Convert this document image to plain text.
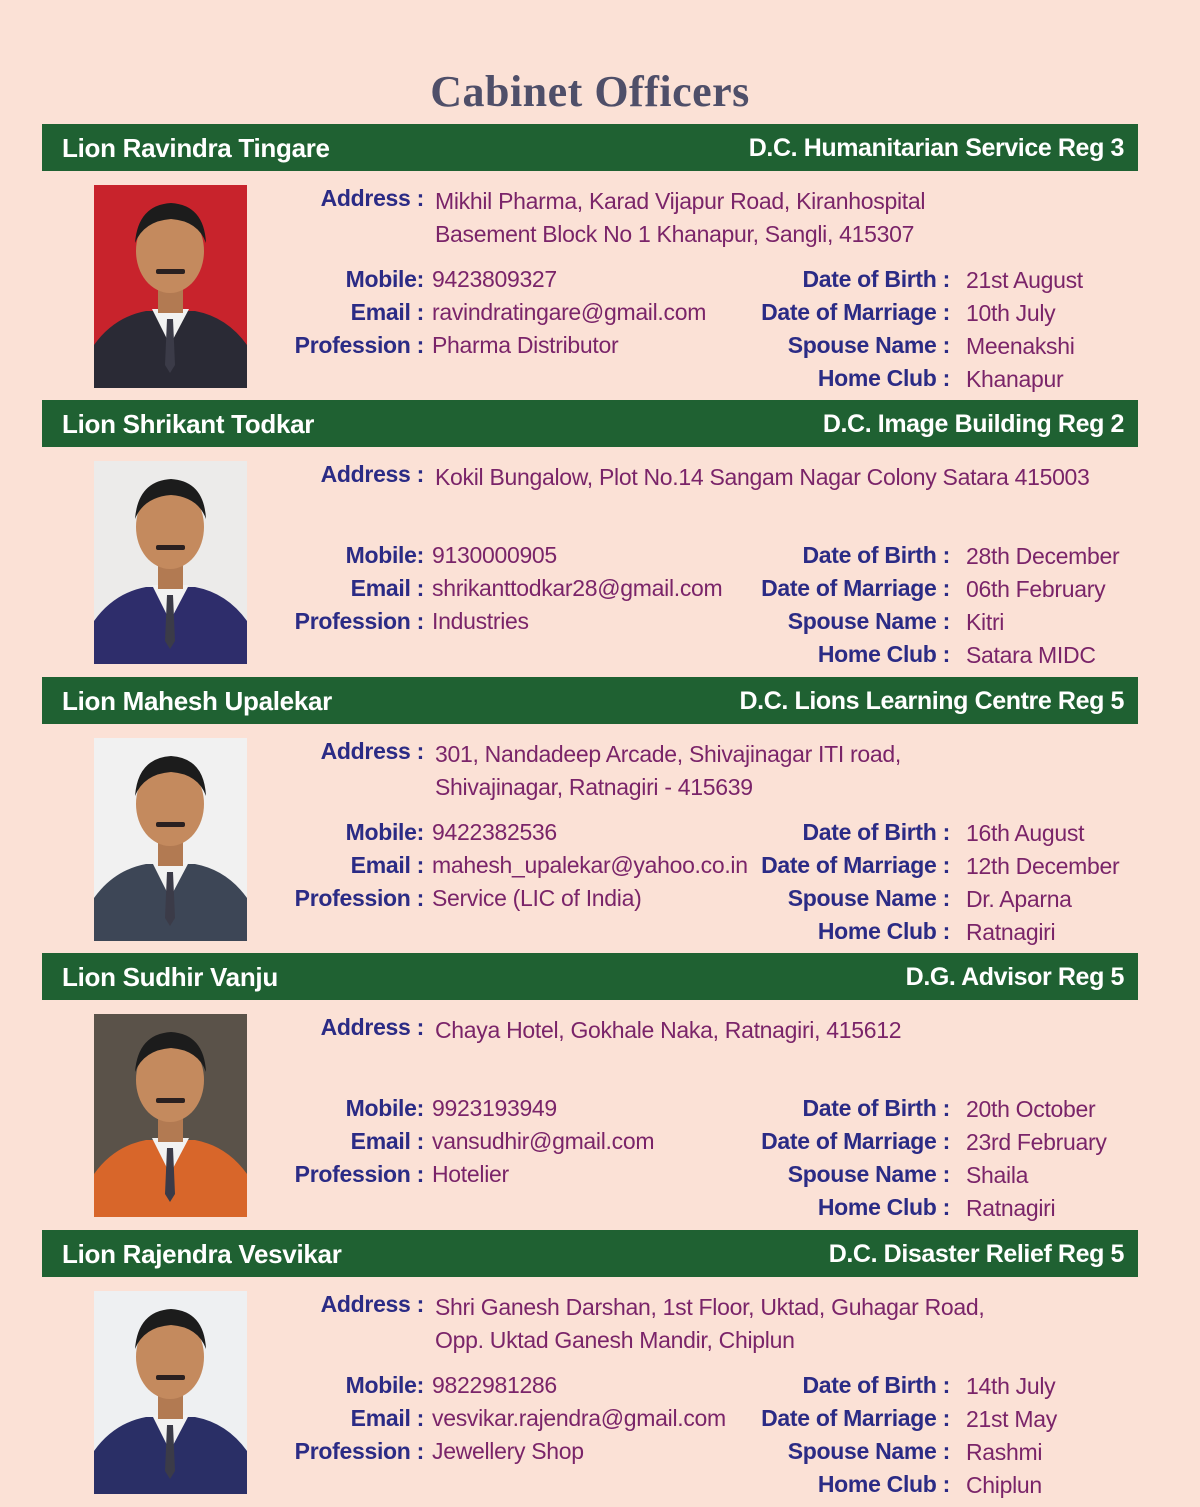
Cabinet Officers
Lion Ravindra Tingare	D.C. Humanitarian Service Reg 3
Address : Mikhil Pharma, Karad Vijapur Road, Kiranhospital
Basement Block No 1 Khanapur, Sangli, 415307
Mobile: 9423809327
Email : ravindratingare@gmail.com
Profession : Pharma Distributor
Date of Birth : 21st August
Date of Marriage : 10th July
Spouse Name : Meenakshi
Home Club : Khanapur
Lion Shrikant Todkar	D.C. Image Building Reg 2
Address : Kokil Bungalow, Plot No.14 Sangam Nagar Colony Satara 415003
Mobile: 9130000905
Email : shrikanttodkar28@gmail.com
Profession : Industries
Date of Birth : 28th December
Date of Marriage : 06th February
Spouse Name : Kitri
Home Club : Satara MIDC
Lion Mahesh Upalekar	D.C. Lions Learning Centre Reg 5
Address : 301, Nandadeep Arcade, Shivajinagar ITI road,
Shivajinagar, Ratnagiri - 415639
Mobile: 9422382536
Email : mahesh_upalekar@yahoo.co.in
Profession : Service (LIC of India)
Date of Birth : 16th August
Date of Marriage : 12th December
Spouse Name : Dr. Aparna
Home Club : Ratnagiri
Lion Sudhir Vanju	D.G. Advisor Reg 5
Address : Chaya Hotel, Gokhale Naka, Ratnagiri, 415612
Mobile: 9923193949
Email : vansudhir@gmail.com
Profession : Hotelier
Date of Birth : 20th October
Date of Marriage : 23rd February
Spouse Name : Shaila
Home Club : Ratnagiri
Lion Rajendra Vesvikar	D.C. Disaster Relief Reg 5
Address : Shri Ganesh Darshan, 1st Floor, Uktad, Guhagar Road,
Opp. Uktad Ganesh Mandir, Chiplun
Mobile: 9822981286
Email : vesvikar.rajendra@gmail.com
Profession : Jewellery Shop
Date of Birth : 14th July
Date of Marriage : 21st May
Spouse Name : Rashmi
Home Club : Chiplun
